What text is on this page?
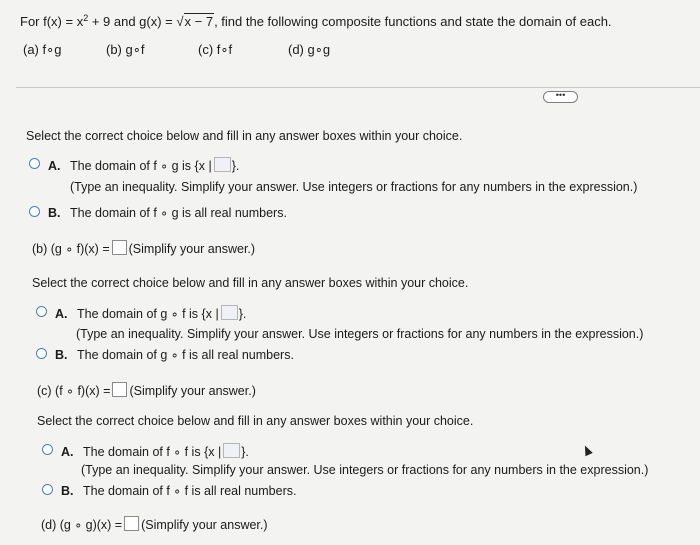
For $f(x) = x^2 + 9$ and g(x) = √x − 7, find the following composite functions and state the domain of each.
(a) f∘g	(b) g∘f	(c) f∘f	(d) g∘g
•••
Select the correct choice below and fill in any answer boxes within your choice.
A. The domain of f ∘ g is {x | }.
(Type an inequality. Simplify your answer. Use integers or fractions for any numbers in the expression.)
B. The domain of f ∘ g is all real numbers.
(b) (g ∘ f)(x) = (Simplify your answer.)
Select the correct choice below and fill in any answer boxes within your choice.
A. The domain of g ∘ f is {x | }.
(Type an inequality. Simplify your answer. Use integers or fractions for any numbers in the expression.)
B. The domain of g ∘ f is all real numbers.
(c) (f ∘ f)(x) = (Simplify your answer.)
Select the correct choice below and fill in any answer boxes within your choice.
A. The domain of f ∘ f is {x | }.
(Type an inequality. Simplify your answer. Use integers or fractions for any numbers in the expression.)
B. The domain of f ∘ f is all real numbers.
(d) (g ∘ g)(x) = (Simplify your answer.)
